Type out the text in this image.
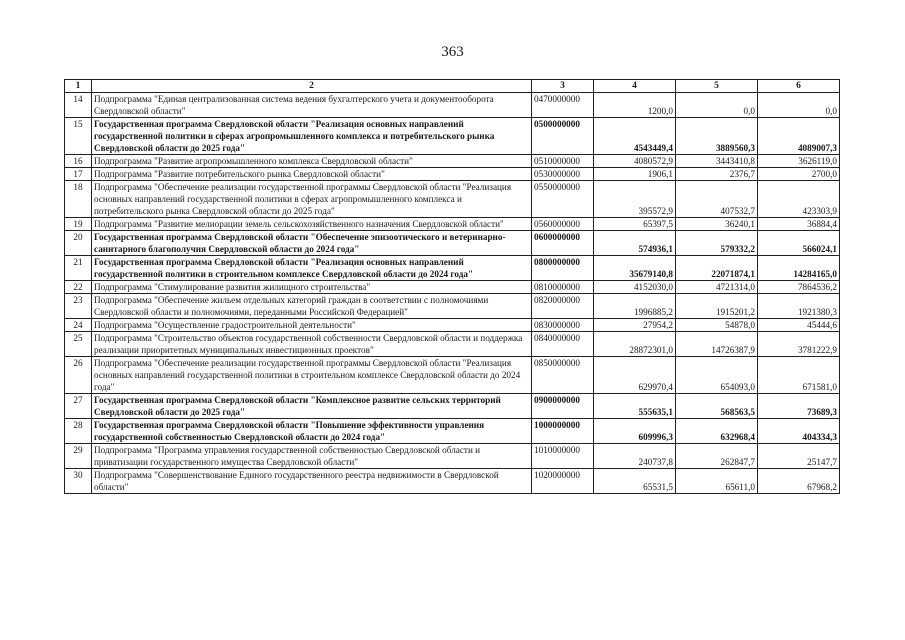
363
1	2	3	4	5	6
14	Подпрограмма "Единая централизованная система ведения бухгалтерского учета и документооборота Свердловской области"	0470000000	1200,0	0,0	0,0
15	Государственная программа Свердловской области "Реализация основных направлений государственной политики в сферах агропромышленного комплекса и потребительского рынка Свердловской области до 2025 года"	0500000000	4543449,4	3889560,3	4089007,3
16	Подпрограмма "Развитие агропромышленного комплекса Свердловской области"	0510000000	4080572,9	3443410,8	3626119,0
17	Подпрограмма "Развитие потребительского рынка Свердловской области"	0530000000	1906,1	2376,7	2700,0
18	Подпрограмма "Обеспечение реализации государственной программы Свердловской области "Реализация основных направлений государственной политики в сферах агропромышленного комплекса и потребительского рынка Свердловской области до 2025 года"	0550000000	395572,9	407532,7	423303,9
19	Подпрограмма "Развитие мелиорации земель сельскохозяйственного назначения Свердловской области"	0560000000	65397,5	36240,1	36884,4
20	Государственная программа Свердловской области "Обеспечение эпизоотического и ветеринарно-санитарного благополучия Свердловской области до 2024 года"	0600000000	574936,1	579332,2	566024,1
21	Государственная программа Свердловской области "Реализация основных направлений государственной политики в строительном комплексе Свердловской области до 2024 года"	0800000000	35679140,8	22071874,1	14284165,0
22	Подпрограмма "Стимулирование развития жилищного строительства"	0810000000	4152030,0	4721314,0	7864536,2
23	Подпрограмма "Обеспечение жильем отдельных категорий граждан в соответствии с полномочиями Свердловской области и полномочиями, переданными Российской Федерацией"	0820000000	1996885,2	1915201,2	1921380,3
24	Подпрограмма "Осуществление градостроительной деятельности"	0830000000	27954,2	54878,0	45444,6
25	Подпрограмма "Строительство объектов государственной собственности Свердловской области и поддержка реализации приоритетных муниципальных инвестиционных проектов"	0840000000	28872301,0	14726387,9	3781222,9
26	Подпрограмма "Обеспечение реализации государственной программы Свердловской области "Реализация основных направлений государственной политики в строительном комплексе Свердловской области до 2024 года"	0850000000	629970,4	654093,0	671581,0
27	Государственная программа Свердловской области "Комплексное развитие сельских территорий Свердловской области до 2025 года"	0900000000	555635,1	568563,5	73689,3
28	Государственная программа Свердловской области "Повышение эффективности управления государственной собственностью Свердловской области до 2024 года"	1000000000	609996,3	632968,4	404334,3
29	Подпрограмма "Программа управления государственной собственностью Свердловской области и приватизации государственного имущества Свердловской области"	1010000000	240737,8	262847,7	25147,7
30	Подпрограмма "Совершенствование Единого государственного реестра недвижимости в Свердловской области"	1020000000	65531,5	65611,0	67968,2
